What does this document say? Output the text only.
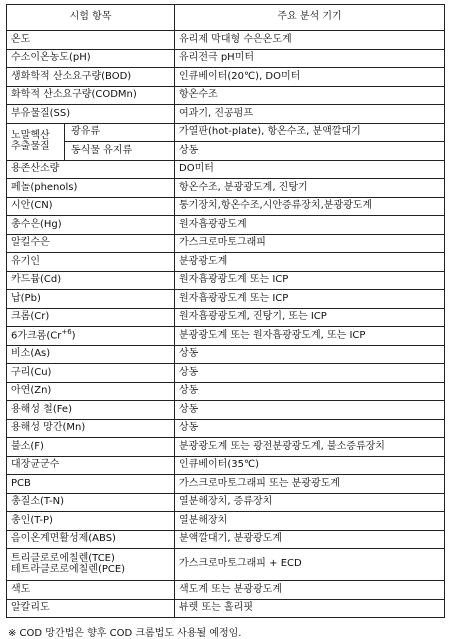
시험 항목		주요 분석 기기
온도		유리제 막대형 수은온도계
수소이온농도(pH)		유리전극 pH미터
생화학적 산소요구량(BOD)		인큐베이터(20℃), DO미터
화학적 산소요구량(CODMn)		항온수조
부유물질(SS)		여과기, 진공펌프
노말헥산 추출물질	광유류	가열판(hot-plate), 항온수조, 분액깔대기
	동식물 유지류	상동
용존산소량		DO미터
페놀(phenols)		항온수조, 분광광도계, 진탕기
시안(CN)		통기장치,항온수조,시안증류장치,분광광도계
총수은(Hg)		원자흡광광도계
알킬수은		가스크로마토그래피
유기인		분광광도계
카드뮴(Cd)		원자흡광광도계 또는 ICP
납(Pb)		원자흡광광도계 또는 ICP
크롬(Cr)		원자흡광광도계, 진탕기, 또는 ICP
6가크롬$(Cr^{+6})$		분광광도계 또는 원자흡광광도계, 또는 ICP
비소(As)		상동
구리(Cu)		상동
아연(Zn)		상동
용해성 철(Fe)		상동
용해성 망간(Mn)		상동
불소(F)		분광광도계 또는 광전분광광도계, 불소증류장치
대장균군수		인큐베이터(35℃)
PCB		가스크로마토그래피 또는 분광광도계
총질소(T-N)		열분해장치, 증류장치
총인(T-P)		열분해장치
음이온계면활성제(ABS)		분액깔대기, 분광광도계
트리클로로에칠렌(TCE)
테트라클로로에칠렌(PCE)		가스크로마토그래피 + ECD
색도		색도계 또는 분광광도계
알칼리도		뷰렛 또는 홀리핏
※ COD 망간법은 향후 COD 크롬법도 사용될 예정임.
